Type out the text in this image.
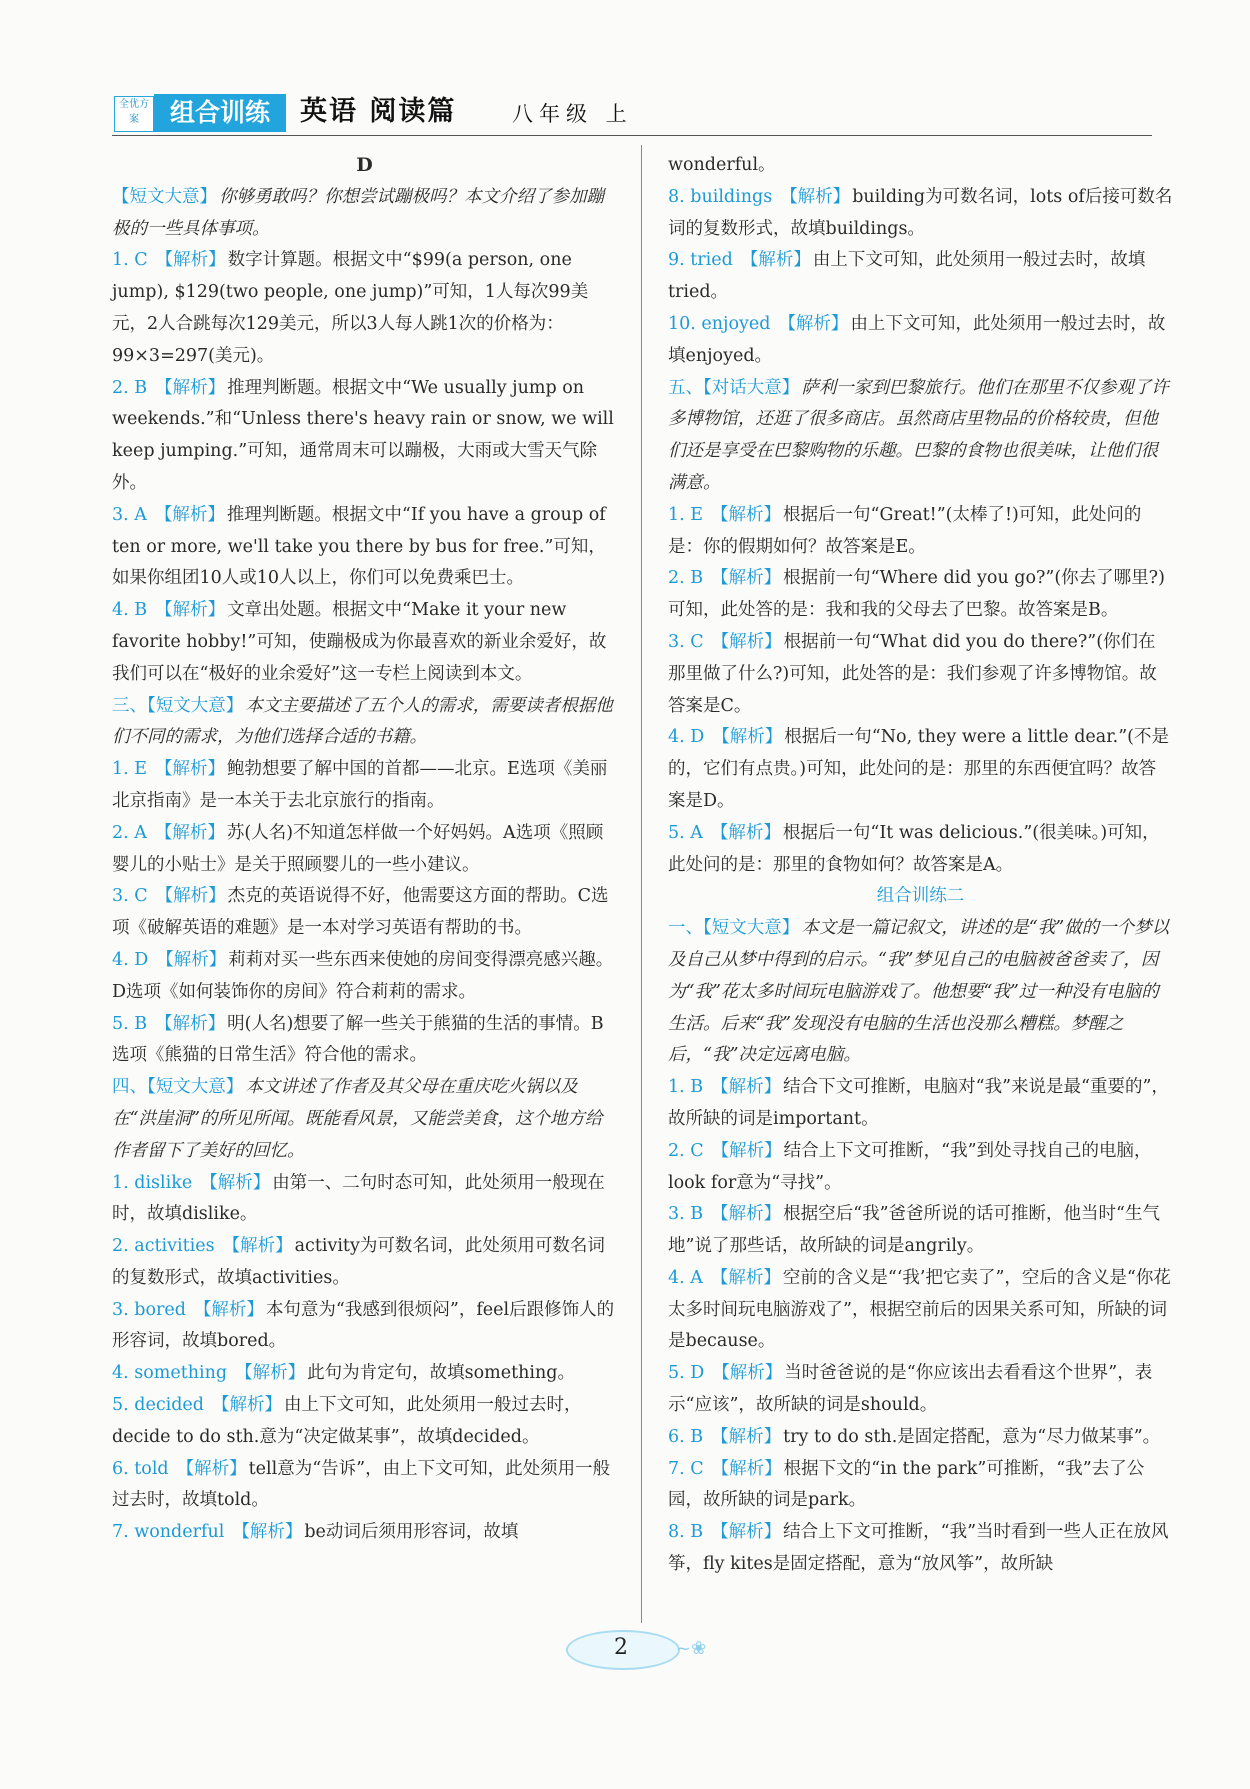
全优方案	组合训练	英语 阅读篇	八年级 上
D
【短文大意】 你够勇敢吗？你想尝试蹦极吗？本文介绍了参加蹦极的一些具体事项。
1. C 【解析】 数字计算题。根据文中“$99(a person, one jump), $129(two people, one jump)”可知，1人每次99美元，2人合跳每次129美元，所以3人每人跳1次的价格为：99×3=297(美元)。
2. B 【解析】 推理判断题。根据文中“We usually jump on weekends.”和“Unless there's heavy rain or snow, we will keep jumping.”可知，通常周末可以蹦极，大雨或大雪天气除外。
3. A 【解析】 推理判断题。根据文中“If you have a group of ten or more, we'll take you there by bus for free.”可知，如果你组团10人或10人以上，你们可以免费乘巴士。
4. B 【解析】 文章出处题。根据文中“Make it your new favorite hobby!”可知，使蹦极成为你最喜欢的新业余爱好，故我们可以在“极好的业余爱好”这一专栏上阅读到本文。
三、【短文大意】 本文主要描述了五个人的需求，需要读者根据他们不同的需求，为他们选择合适的书籍。
1. E 【解析】 鲍勃想要了解中国的首都——北京。E选项《美丽北京指南》是一本关于去北京旅行的指南。
2. A 【解析】 苏(人名)不知道怎样做一个好妈妈。A选项《照顾婴儿的小贴士》是关于照顾婴儿的一些小建议。
3. C 【解析】 杰克的英语说得不好，他需要这方面的帮助。C选项《破解英语的难题》是一本对学习英语有帮助的书。
4. D 【解析】 莉莉对买一些东西来使她的房间变得漂亮感兴趣。D选项《如何装饰你的房间》符合莉莉的需求。
5. B 【解析】 明(人名)想要了解一些关于熊猫的生活的事情。B选项《熊猫的日常生活》符合他的需求。
四、【短文大意】 本文讲述了作者及其父母在重庆吃火锅以及在“洪崖洞”的所见所闻。既能看风景，又能尝美食，这个地方给作者留下了美好的回忆。
1. dislike 【解析】 由第一、二句时态可知，此处须用一般现在时，故填dislike。
2. activities 【解析】 activity为可数名词，此处须用可数名词的复数形式，故填activities。
3. bored 【解析】 本句意为“我感到很烦闷”，feel后跟修饰人的形容词，故填bored。
4. something 【解析】 此句为肯定句，故填something。
5. decided 【解析】 由上下文可知，此处须用一般过去时，decide to do sth.意为“决定做某事”，故填decided。
6. told 【解析】 tell意为“告诉”，由上下文可知，此处须用一般过去时，故填told。
7. wonderful 【解析】 be动词后须用形容词，故填
wonderful。
8. buildings 【解析】 building为可数名词，lots of后接可数名词的复数形式，故填buildings。
9. tried 【解析】 由上下文可知，此处须用一般过去时，故填tried。
10. enjoyed 【解析】 由上下文可知，此处须用一般过去时，故填enjoyed。
五、【对话大意】 萨利一家到巴黎旅行。他们在那里不仅参观了许多博物馆，还逛了很多商店。虽然商店里物品的价格较贵，但他们还是享受在巴黎购物的乐趣。巴黎的食物也很美味，让他们很满意。
1. E 【解析】 根据后一句“Great!”(太棒了!)可知，此处问的是：你的假期如何？故答案是E。
2. B 【解析】 根据前一句“Where did you go?”(你去了哪里?)可知，此处答的是：我和我的父母去了巴黎。故答案是B。
3. C 【解析】 根据前一句“What did you do there?”(你们在那里做了什么?)可知，此处答的是：我们参观了许多博物馆。故答案是C。
4. D 【解析】 根据后一句“No, they were a little dear.”(不是的，它们有点贵。)可知，此处问的是：那里的东西便宜吗？故答案是D。
5. A 【解析】 根据后一句“It was delicious.”(很美味。)可知，此处问的是：那里的食物如何？故答案是A。
组合训练二
一、【短文大意】 本文是一篇记叙文，讲述的是“我”做的一个梦以及自己从梦中得到的启示。“我”梦见自己的电脑被爸爸卖了，因为“我”花太多时间玩电脑游戏了。他想要“我”过一种没有电脑的生活。后来“我”发现没有电脑的生活也没那么糟糕。梦醒之后，“我”决定远离电脑。
1. B 【解析】 结合下文可推断，电脑对“我”来说是最“重要的”，故所缺的词是important。
2. C 【解析】 结合上下文可推断，“我”到处寻找自己的电脑，look for意为“寻找”。
3. B 【解析】 根据空后“我”爸爸所说的话可推断，他当时“生气地”说了那些话，故所缺的词是angrily。
4. A 【解析】 空前的含义是“‘我’把它卖了”，空后的含义是“你花太多时间玩电脑游戏了”，根据空前后的因果关系可知，所缺的词是because。
5. D 【解析】 当时爸爸说的是“你应该出去看看这个世界”，表示“应该”，故所缺的词是should。
6. B 【解析】 try to do sth.是固定搭配，意为“尽力做某事”。
7. C 【解析】 根据下文的“in the park”可推断，“我”去了公园，故所缺的词是park。
8. B 【解析】 结合上下文可推断，“我”当时看到一些人正在放风筝，fly kites是固定搭配，意为“放风筝”，故所缺
2	~❀
